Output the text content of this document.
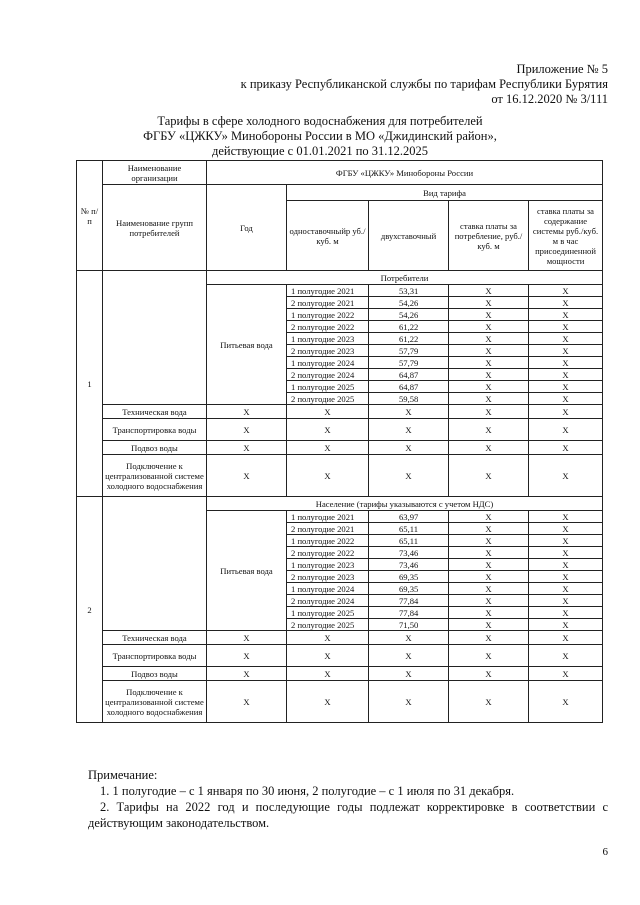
Приложение № 5
к приказу Республиканской службы по тарифам Республики Бурятия
от 16.12.2020 № 3/111
Тарифы в сфере холодного водоснабжения для потребителей
ФГБУ «ЦЖКУ» Минобороны России в МО «Джидинский район»,
действующие с 01.01.2021 по 31.12.2025
№ п/п	Наименование организации	ФГБУ «ЦЖКУ» Минобороны России					
	Наименование групп потребителей	Год	Вид тарифа				
			одноставочныйр уб./ куб. м	двухставочный	ставка платы за потребление, руб./ куб. м	ставка платы за содержание системы руб./куб. м в час присоединенной мощности	
1		Потребители					
		Питьевая вода	1 полугодие 2021	53,31	X	X	
			2 полугодие 2021	54,26	X	X	
			1 полугодие 2022	54,26	X	X	
			2 полугодие 2022	61,22	X	X	
			1 полугодие 2023	61,22	X	X	
			2 полугодие 2023	57,79	X	X	
			1 полугодие 2024	57,79	X	X	
			2 полугодие 2024	64,87	X	X	
			1 полугодие 2025	64,87	X	X	
			2 полугодие 2025	59,58	X	X	
	Техническая вода	X	X	X	X	X	
	Транспортировка воды	X	X	X	X	X	
	Подвоз воды	X	X	X	X	X	
	Подключение к централизованной системе холодного водоснабжения	X	X	X	X	X	
2		Население (тарифы указываются с учетом НДС)					
		Питьевая вода	1 полугодие 2021	63,97	X	X	
			2 полугодие 2021	65,11	X	X	
			1 полугодие 2022	65,11	X	X	
			2 полугодие 2022	73,46	X	X	
			1 полугодие 2023	73,46	X	X	
			2 полугодие 2023	69,35	X	X	
			1 полугодие 2024	69,35	X	X	
			2 полугодие 2024	77,84	X	X	
			1 полугодие 2025	77,84	X	X	
			2 полугодие 2025	71,50	X	X	
	Техническая вода	X	X	X	X	X	
	Транспортировка воды	X	X	X	X	X	
	Подвоз воды	X	X	X	X	X	
	Подключение к централизованной системе холодного водоснабжения	X	X	X	X	X	
Примечание:
1. 1 полугодие – с 1 января по 30 июня, 2 полугодие – с 1 июля по 31 декабря.
2. Тарифы на 2022 год и последующие годы подлежат корректировке в соответствии с действующим законодательством.
6
